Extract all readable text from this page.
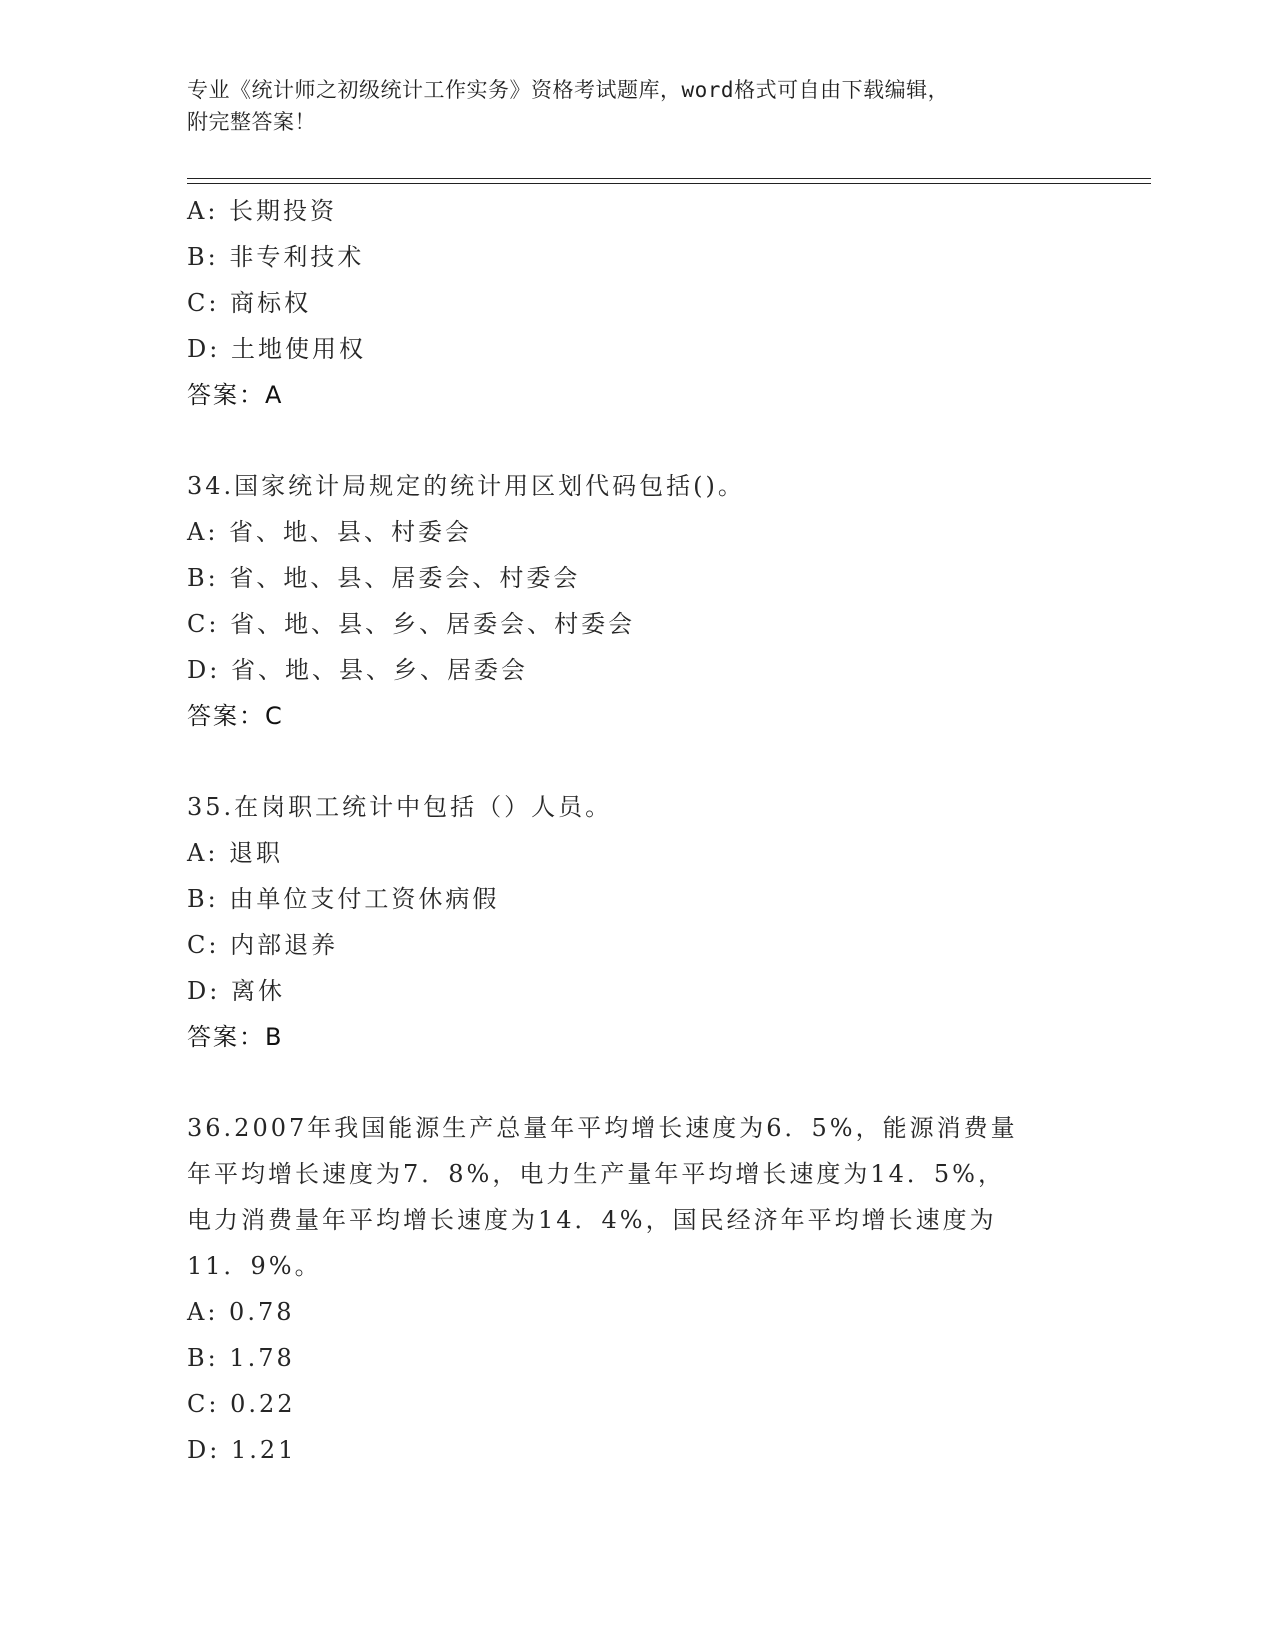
专业《统计师之初级统计工作实务》资格考试题库，word格式可自由下载编辑，
附完整答案！
A: 长期投资
B: 非专利技术
C: 商标权
D: 土地使用权
答案：A
34.国家统计局规定的统计用区划代码包括()。
A: 省、地、县、村委会
B: 省、地、县、居委会、村委会
C: 省、地、县、乡、居委会、村委会
D: 省、地、县、乡、居委会
答案：C
35.在岗职工统计中包括（）人员。
A: 退职
B: 由单位支付工资休病假
C: 内部退养
D: 离休
答案：B
36.2007年我国能源生产总量年平均增长速度为6．5%，能源消费量
年平均增长速度为7．8%，电力生产量年平均增长速度为14．5%，
电力消费量年平均增长速度为14．4%，国民经济年平均增长速度为
11．9%。
A: 0.78
B: 1.78
C: 0.22
D: 1.21
